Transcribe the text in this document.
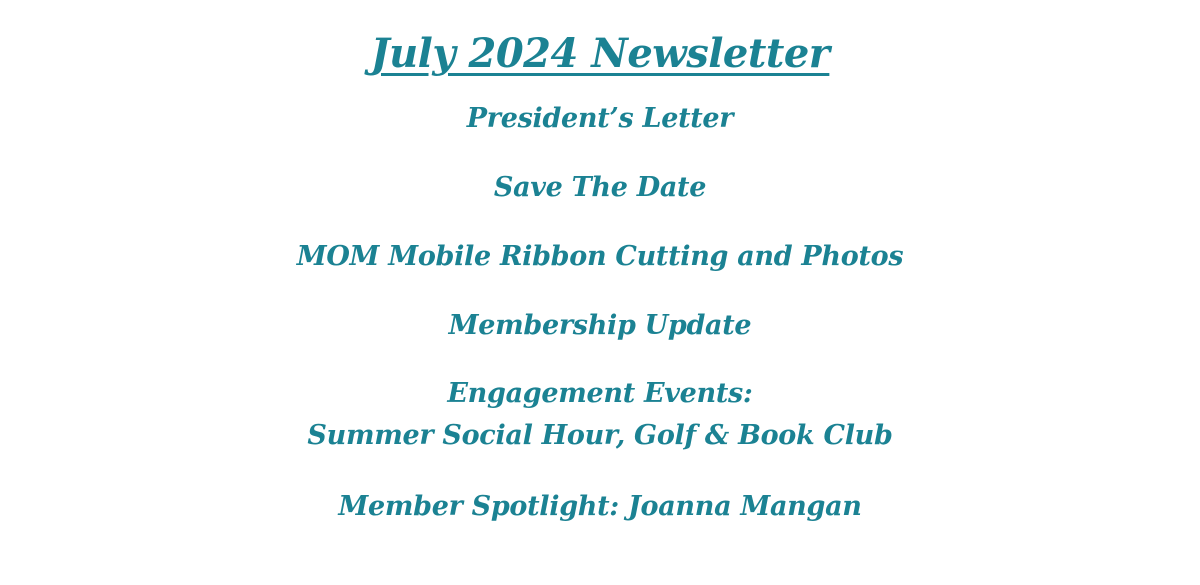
July 2024 Newsletter
President’s Letter
Save The Date
MOM Mobile Ribbon Cutting and Photos
Membership Update
Engagement Events:
Summer Social Hour, Golf & Book Club
Member Spotlight: Joanna Mangan
